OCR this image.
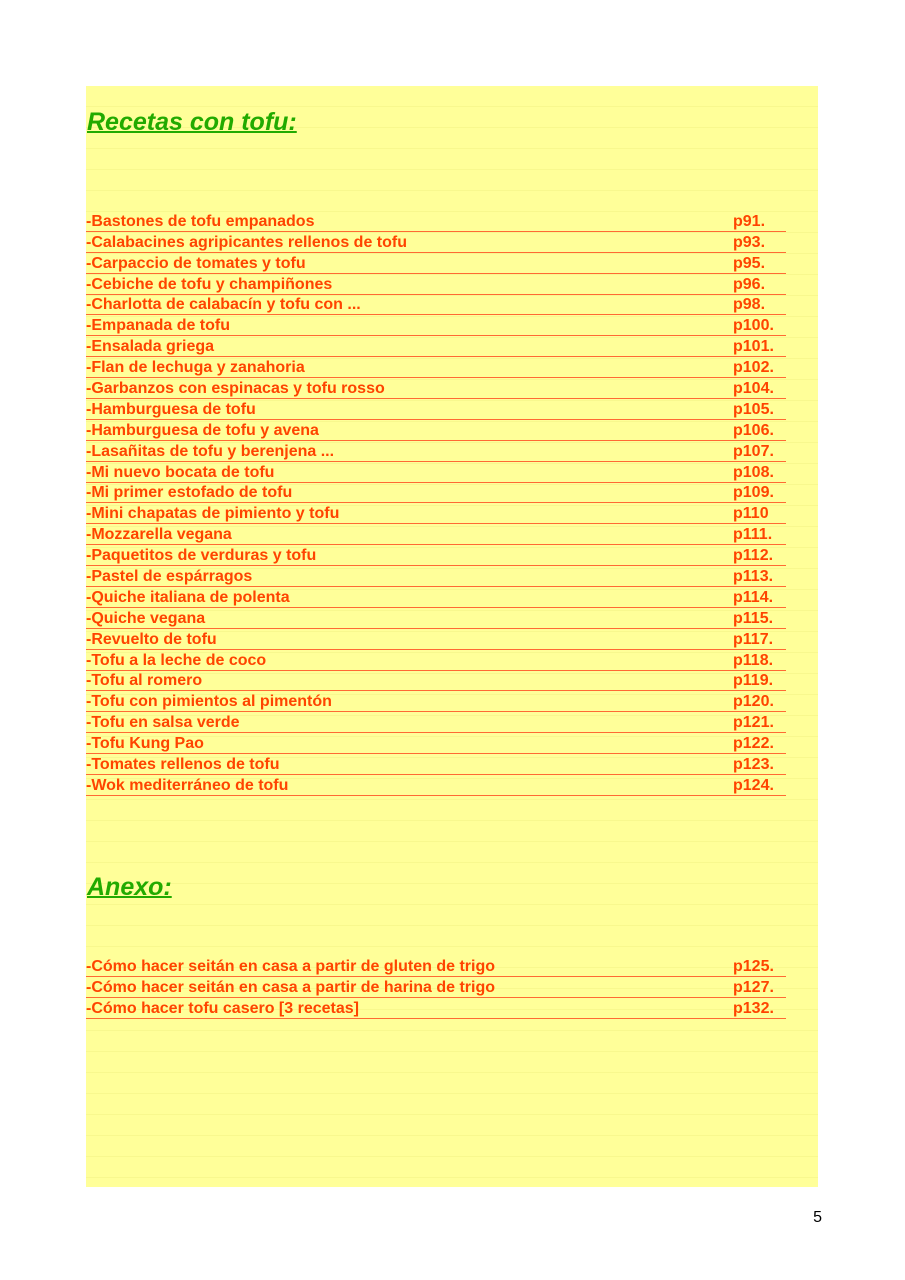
Recetas con tofu:
-Bastones de tofu empanados	p91.
-Calabacines agripicantes rellenos de tofu	p93.
-Carpaccio de tomates y tofu	p95.
-Cebiche de tofu y champiñones	p96.
-Charlotta de calabacín y tofu con ...	p98.
-Empanada de tofu	p100.
-Ensalada griega	p101.
-Flan de lechuga y zanahoria	p102.
-Garbanzos con espinacas y tofu rosso	p104.
-Hamburguesa de tofu	p105.
-Hamburguesa de tofu y avena	p106.
-Lasañitas de tofu y berenjena ...	p107.
-Mi nuevo bocata de tofu	p108.
-Mi primer estofado de tofu	p109.
-Mini chapatas de pimiento y tofu	p110
-Mozzarella vegana	p111.
-Paquetitos de verduras y tofu	p112.
-Pastel de espárragos	p113.
-Quiche italiana de polenta	p114.
-Quiche vegana	p115.
-Revuelto de tofu	p117.
-Tofu a la leche de coco	p118.
-Tofu al romero	p119.
-Tofu con pimientos al pimentón	p120.
-Tofu en salsa verde	p121.
-Tofu Kung Pao	p122.
-Tomates rellenos de tofu	p123.
-Wok mediterráneo de tofu	p124.
Anexo:
-Cómo hacer seitán en casa a partir de gluten de trigo	p125.
-Cómo hacer seitán en casa a partir de harina de trigo	p127.
-Cómo hacer tofu casero [3 recetas]	p132.
5
